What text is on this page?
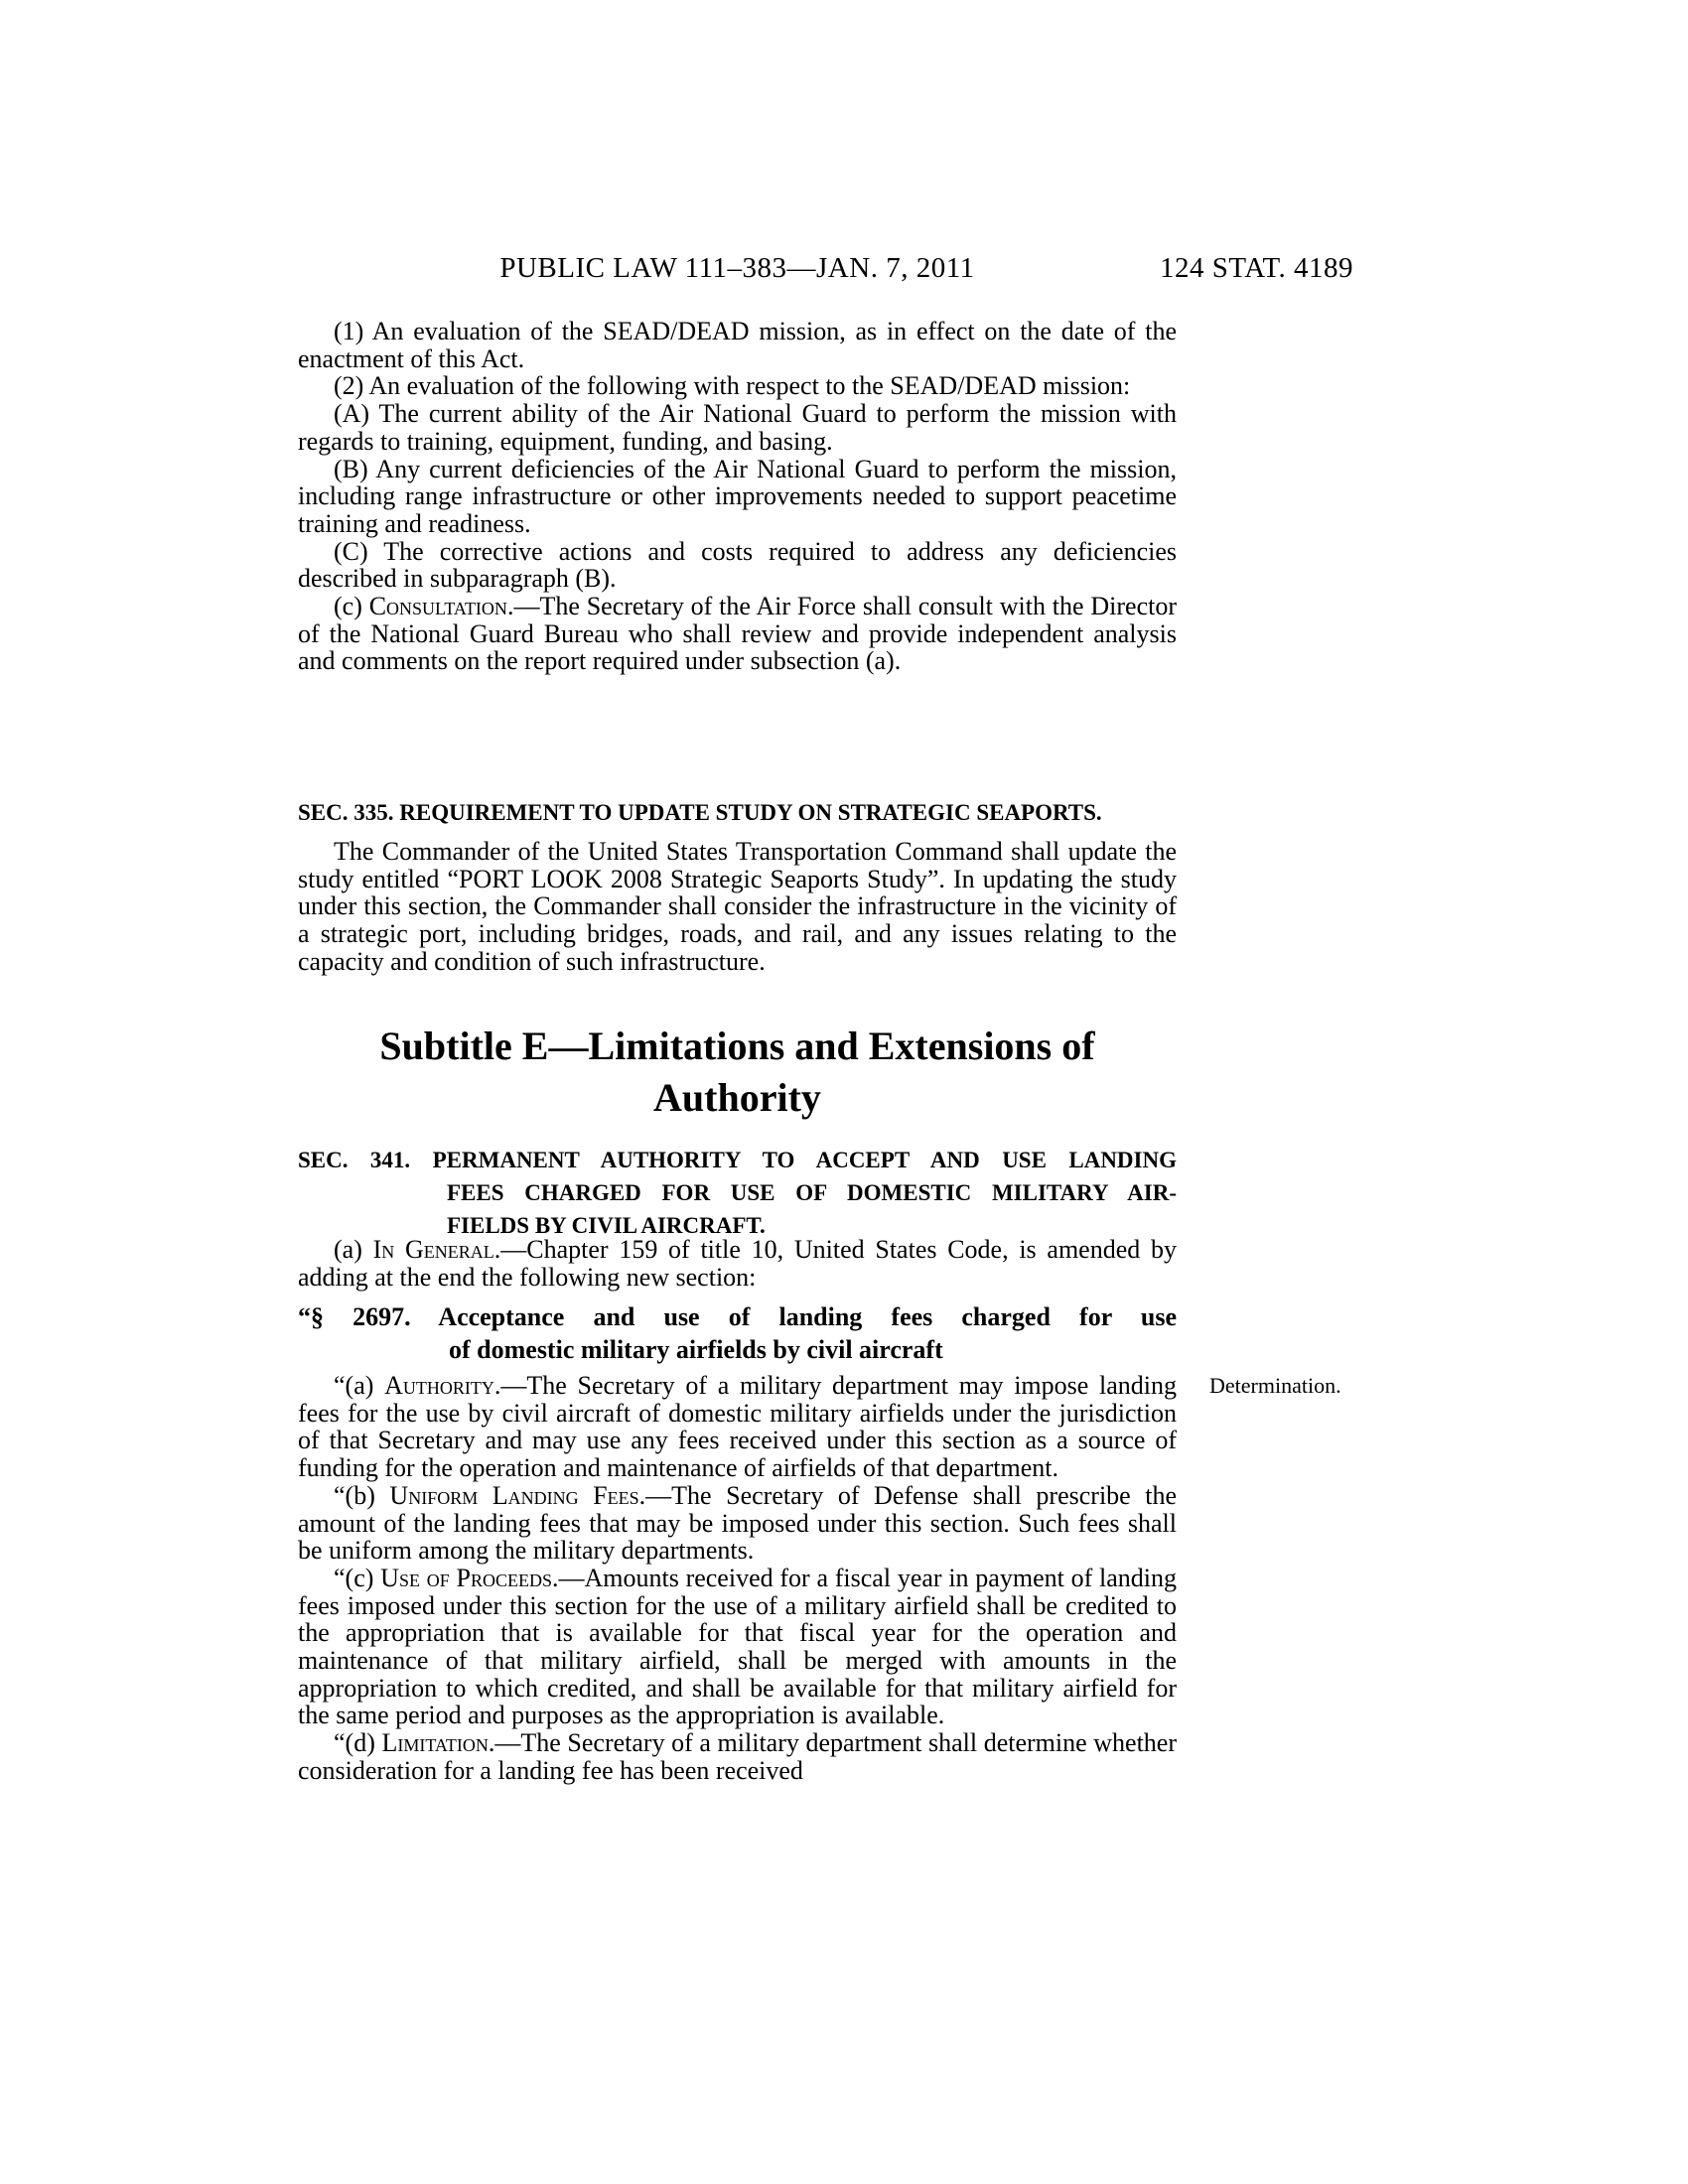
PUBLIC LAW 111–383—JAN. 7, 2011	124 STAT. 4189

(1) An evaluation of the SEAD/DEAD mission, as in effect on the date of the enactment of this Act.

(2) An evaluation of the following with respect to the SEAD/DEAD mission:

(A) The current ability of the Air National Guard to perform the mission with regards to training, equipment, funding, and basing.

(B) Any current deficiencies of the Air National Guard to perform the mission, including range infrastructure or other improvements needed to support peacetime training and readiness.

(C) The corrective actions and costs required to address any deficiencies described in subparagraph (B).

(c) Consultation.—The Secretary of the Air Force shall consult with the Director of the National Guard Bureau who shall review and provide independent analysis and comments on the report required under subsection (a).

SEC. 335. REQUIREMENT TO UPDATE STUDY ON STRATEGIC SEAPORTS.

The Commander of the United States Transportation Command shall update the study entitled “PORT LOOK 2008 Strategic Seaports Study”. In updating the study under this section, the Commander shall consider the infrastructure in the vicinity of a strategic port, including bridges, roads, and rail, and any issues relating to the capacity and condition of such infrastructure.

Subtitle E—Limitations and Extensions of
Authority
SEC. 341. PERMANENT AUTHORITY TO ACCEPT AND USE LANDING
FEES CHARGED FOR USE OF DOMESTIC MILITARY AIR-
FIELDS BY CIVIL AIRCRAFT.

(a) In General.—Chapter 159 of title 10, United States Code, is amended by adding at the end the following new section:

“§ 2697. Acceptance and use of landing fees charged for use
of domestic military airfields by civil aircraft

“(a) Authority.—The Secretary of a military department may impose landing fees for the use by civil aircraft of domestic military airfields under the jurisdiction of that Secretary and may use any fees received under this section as a source of funding for the operation and maintenance of airfields of that department.

“(b) Uniform Landing Fees.—The Secretary of Defense shall prescribe the amount of the landing fees that may be imposed under this section. Such fees shall be uniform among the military departments.

“(c) Use of Proceeds.—Amounts received for a fiscal year in payment of landing fees imposed under this section for the use of a military airfield shall be credited to the appropriation that is available for that fiscal year for the operation and maintenance of that military airfield, shall be merged with amounts in the appropriation to which credited, and shall be available for that military airfield for the same period and purposes as the appropriation is available.

“(d) Limitation.—The Secretary of a military department shall determine whether consideration for a landing fee has been received

Determination.
